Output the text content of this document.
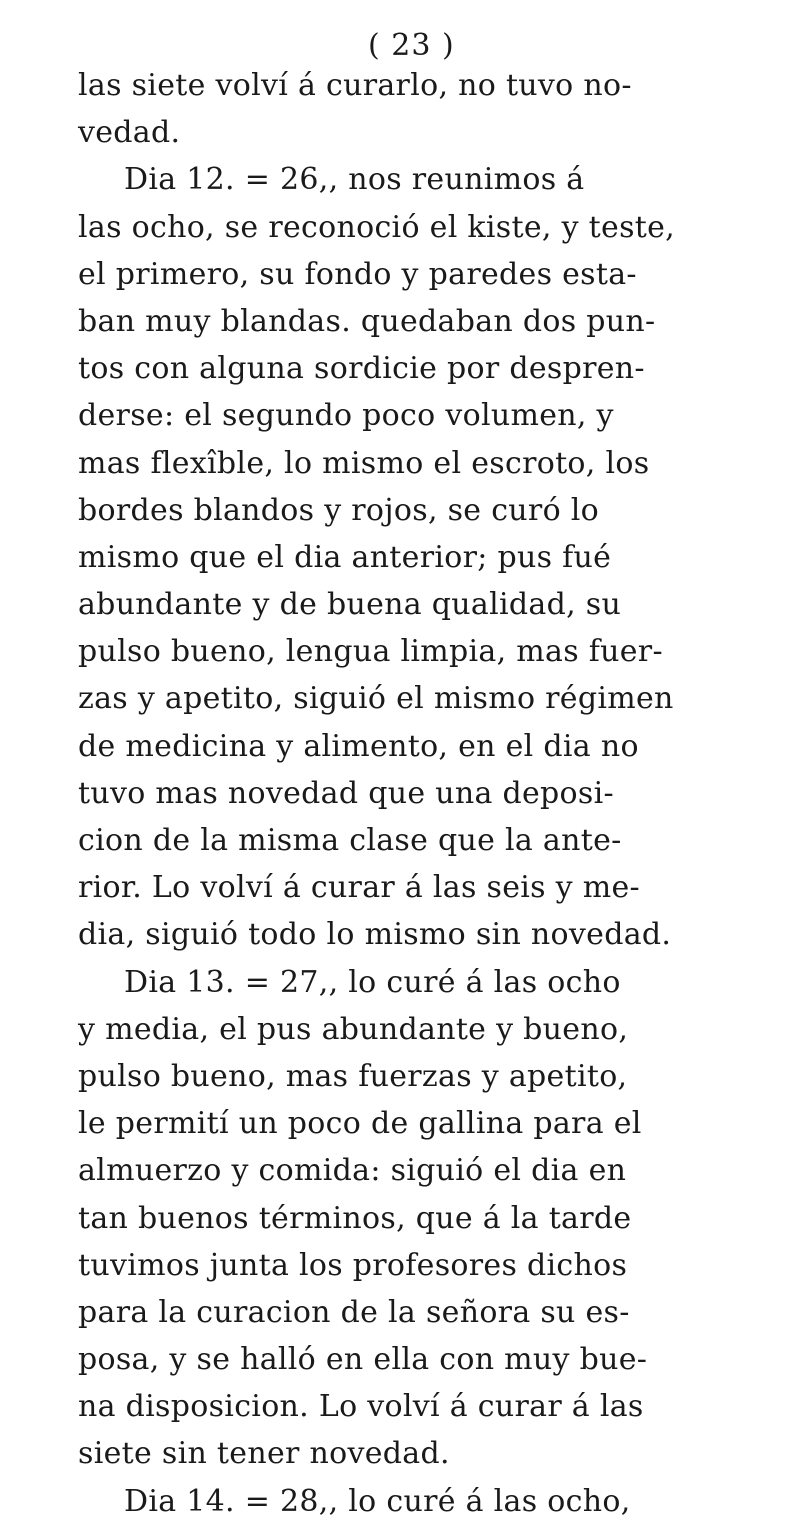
( 23 )
las siete volví á curarlo, no tuvo no-
vedad.
Dia 12. = 26,, nos reunimos á
las ocho, se reconoció el kiste, y teste,
el primero, su fondo y paredes esta-
ban muy blandas. quedaban dos pun-
tos con alguna sordicie por despren-
derse: el segundo poco volumen, y
mas flexîble, lo mismo el escroto, los
bordes blandos y rojos, se curó lo
mismo que el dia anterior; pus fué
abundante y de buena qualidad, su
pulso bueno, lengua limpia, mas fuer-
zas y apetito, siguió el mismo régimen
de medicina y alimento, en el dia no
tuvo mas novedad que una deposi-
cion de la misma clase que la ante-
rior. Lo volví á curar á las seis y me-
dia, siguió todo lo mismo sin novedad.
Dia 13. = 27,, lo curé á las ocho
y media, el pus abundante y bueno,
pulso bueno, mas fuerzas y apetito,
le permití un poco de gallina para el
almuerzo y comida: siguió el dia en
tan buenos términos, que á la tarde
tuvimos junta los profesores dichos
para la curacion de la señora su es-
posa, y se halló en ella con muy bue-
na disposicion. Lo volví á curar á las
siete sin tener novedad.
Dia 14. = 28,, lo curé á las ocho,
